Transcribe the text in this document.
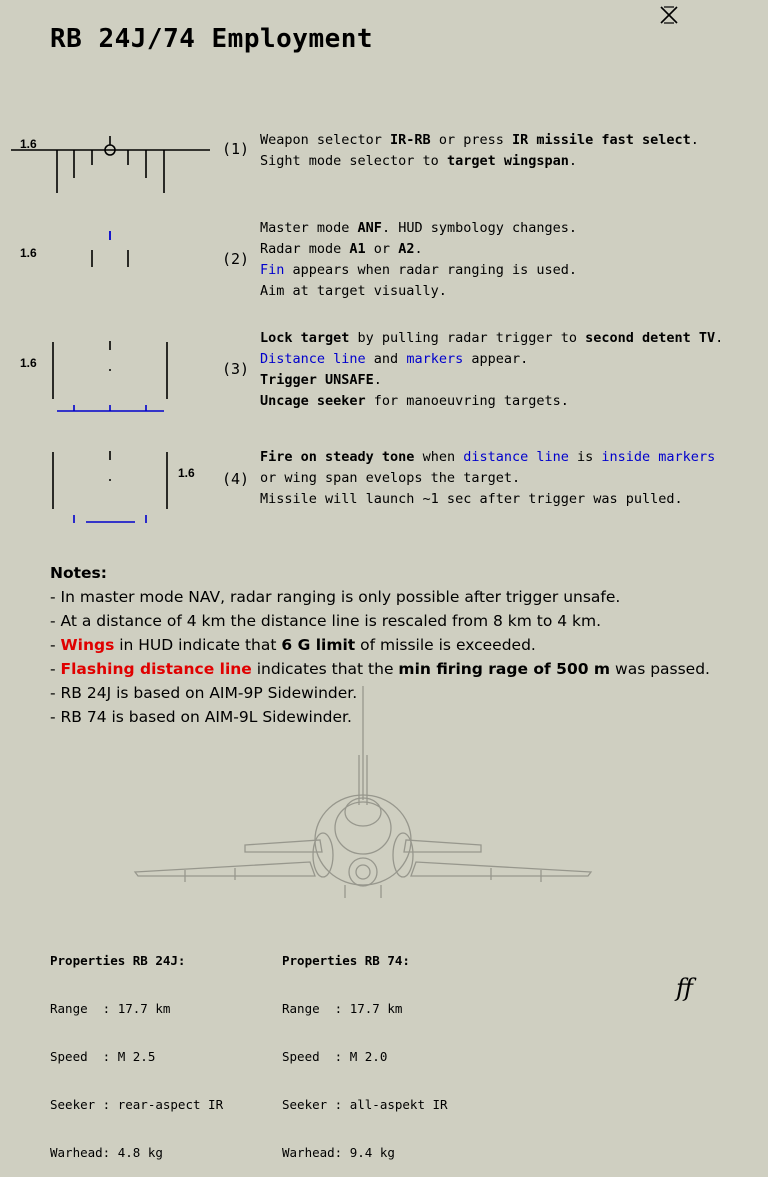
RB 24J/74 Employment
1.6
1.6
1.6
1.6
(1)
(2)
(3)
(4)
Weapon selector IR-RB or press IR missile fast select.
Sight mode selector to target wingspan.
Master mode ANF. HUD symbology changes.
Radar mode A1 or A2.
Fin appears when radar ranging is used.
Aim at target visually.
Lock target by pulling radar trigger to second detent TV.
Distance line and markers appear.
Trigger UNSAFE.
Uncage seeker for manoeuvring targets.
Fire on steady tone when distance line is inside markers
or wing span evelops the target.
Missile will launch ~1 sec after trigger was pulled.
Notes:
- In master mode NAV, radar ranging is only possible after trigger unsafe.
- At a distance of 4 km the distance line is rescaled from 8 km to 4 km.
- Wings in HUD indicate that 6 G limit of missile is exceeded.
- Flashing distance line indicates that the min firing rage of 500 m was passed.
- RB 24J is based on AIM-9P Sidewinder.
- RB 74 is based on AIM-9L Sidewinder.

Properties RB 24J:

Range  : 17.7 km

Speed  : M 2.5

Seeker : rear-aspect IR

Warhead: 4.8 kg

Properties RB 74:

Range  : 17.7 km

Speed  : M 2.0

Seeker : all-aspekt IR

Warhead: 9.4 kg

ff
